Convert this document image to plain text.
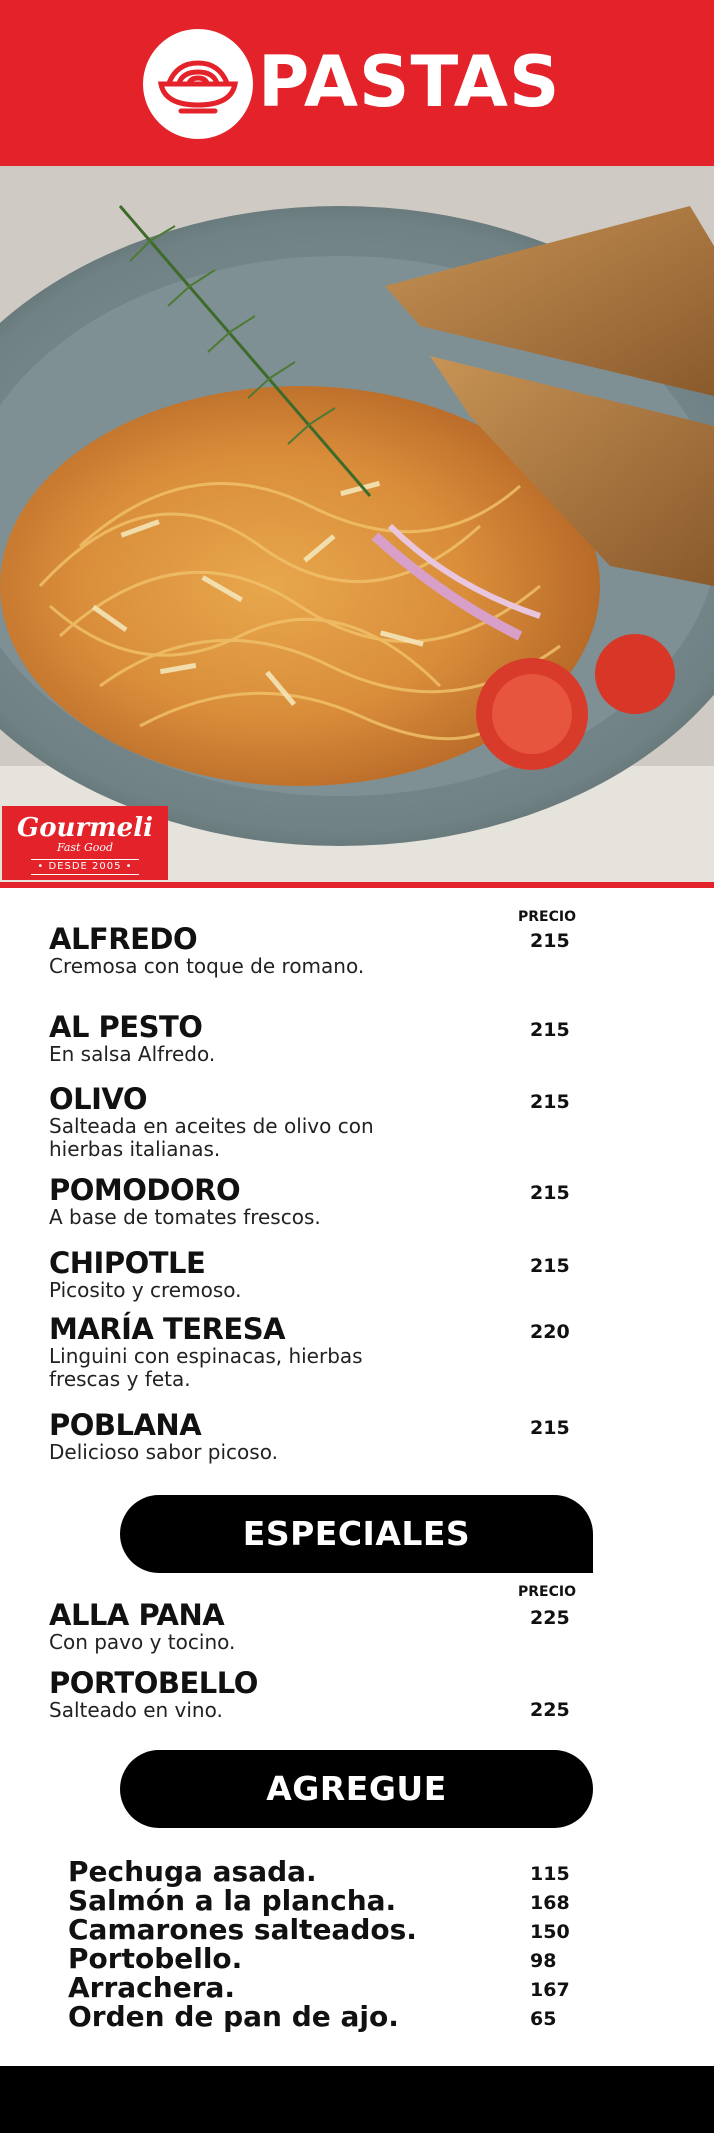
PASTAS
Gourmeli
Fast Good
• DESDE 2005 •
PRECIO
ALFREDO
Cremosa con toque de romano.
215
AL PESTO
En salsa Alfredo.
215
OLIVO
Salteada en aceites de olivo con hierbas italianas.
215
POMODORO
A base de tomates frescos.
215
CHIPOTLE
Picosito y cremoso.
215
MARÍA TERESA
Linguini con espinacas, hierbas frescas y feta.
220
POBLANA
Delicioso sabor picoso.
215
ESPECIALES
PRECIO
ALLA PANA
Con pavo y tocino.
225
PORTOBELLO
Salteado en vino.	225
AGREGUE
Pechuga asada.	115
Salmón a la plancha.	168
Camarones salteados.	150
Portobello.	98
Arrachera.	167
Orden de pan de ajo.	65
